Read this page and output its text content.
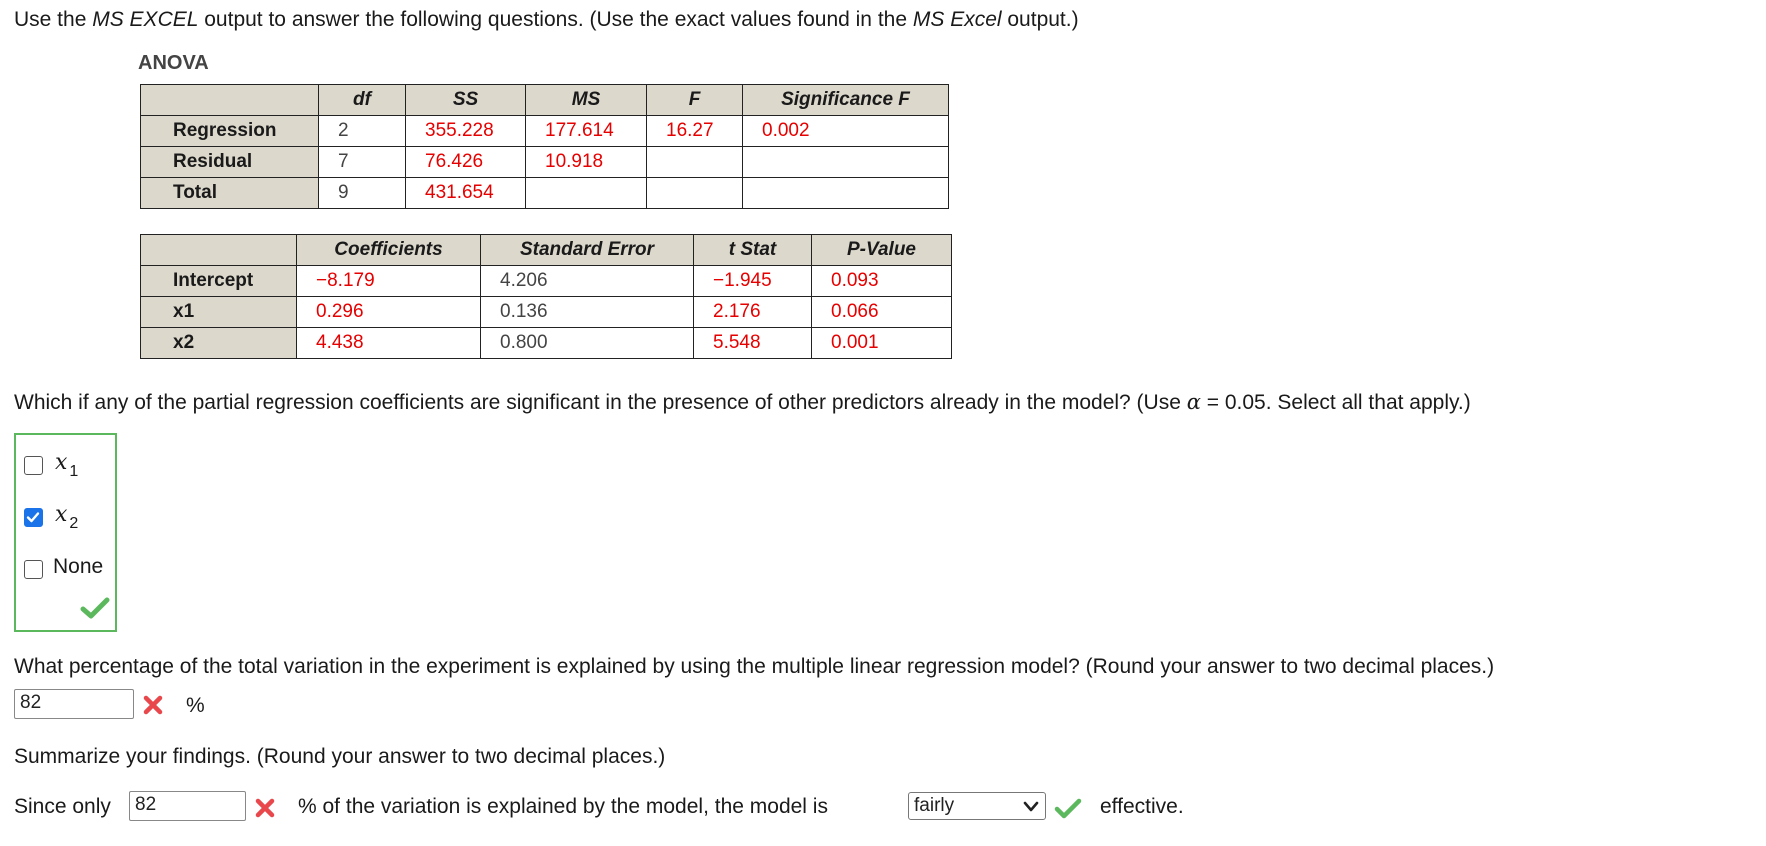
Use the MS EXCEL output to answer the following questions. (Use the exact values found in the MS Excel output.)
ANOVA
	df	SS	MS	F	Significance F
Regression	2	355.228	177.614	16.27	0.002
Residual	7	76.426	10.918		
Total	9	431.654			
	Coefficients	Standard Error	t Stat	P-Value
Intercept	−8.179	4.206	−1.945	0.093
x1	0.296	0.136	2.176	0.066
x2	4.438	0.800	5.548	0.001
Which if any of the partial regression coefficients are significant in the presence of other predictors already in the model? (Use α = 0.05. Select all that apply.)
x 1
x 2
None
What percentage of the total variation in the experiment is explained by using the multiple linear regression model? (Round your answer to two decimal places.)
82	%
Summarize your findings. (Round your answer to two decimal places.)
Since only	82	% of the variation is explained by the model, the model is	fairly	effective.
